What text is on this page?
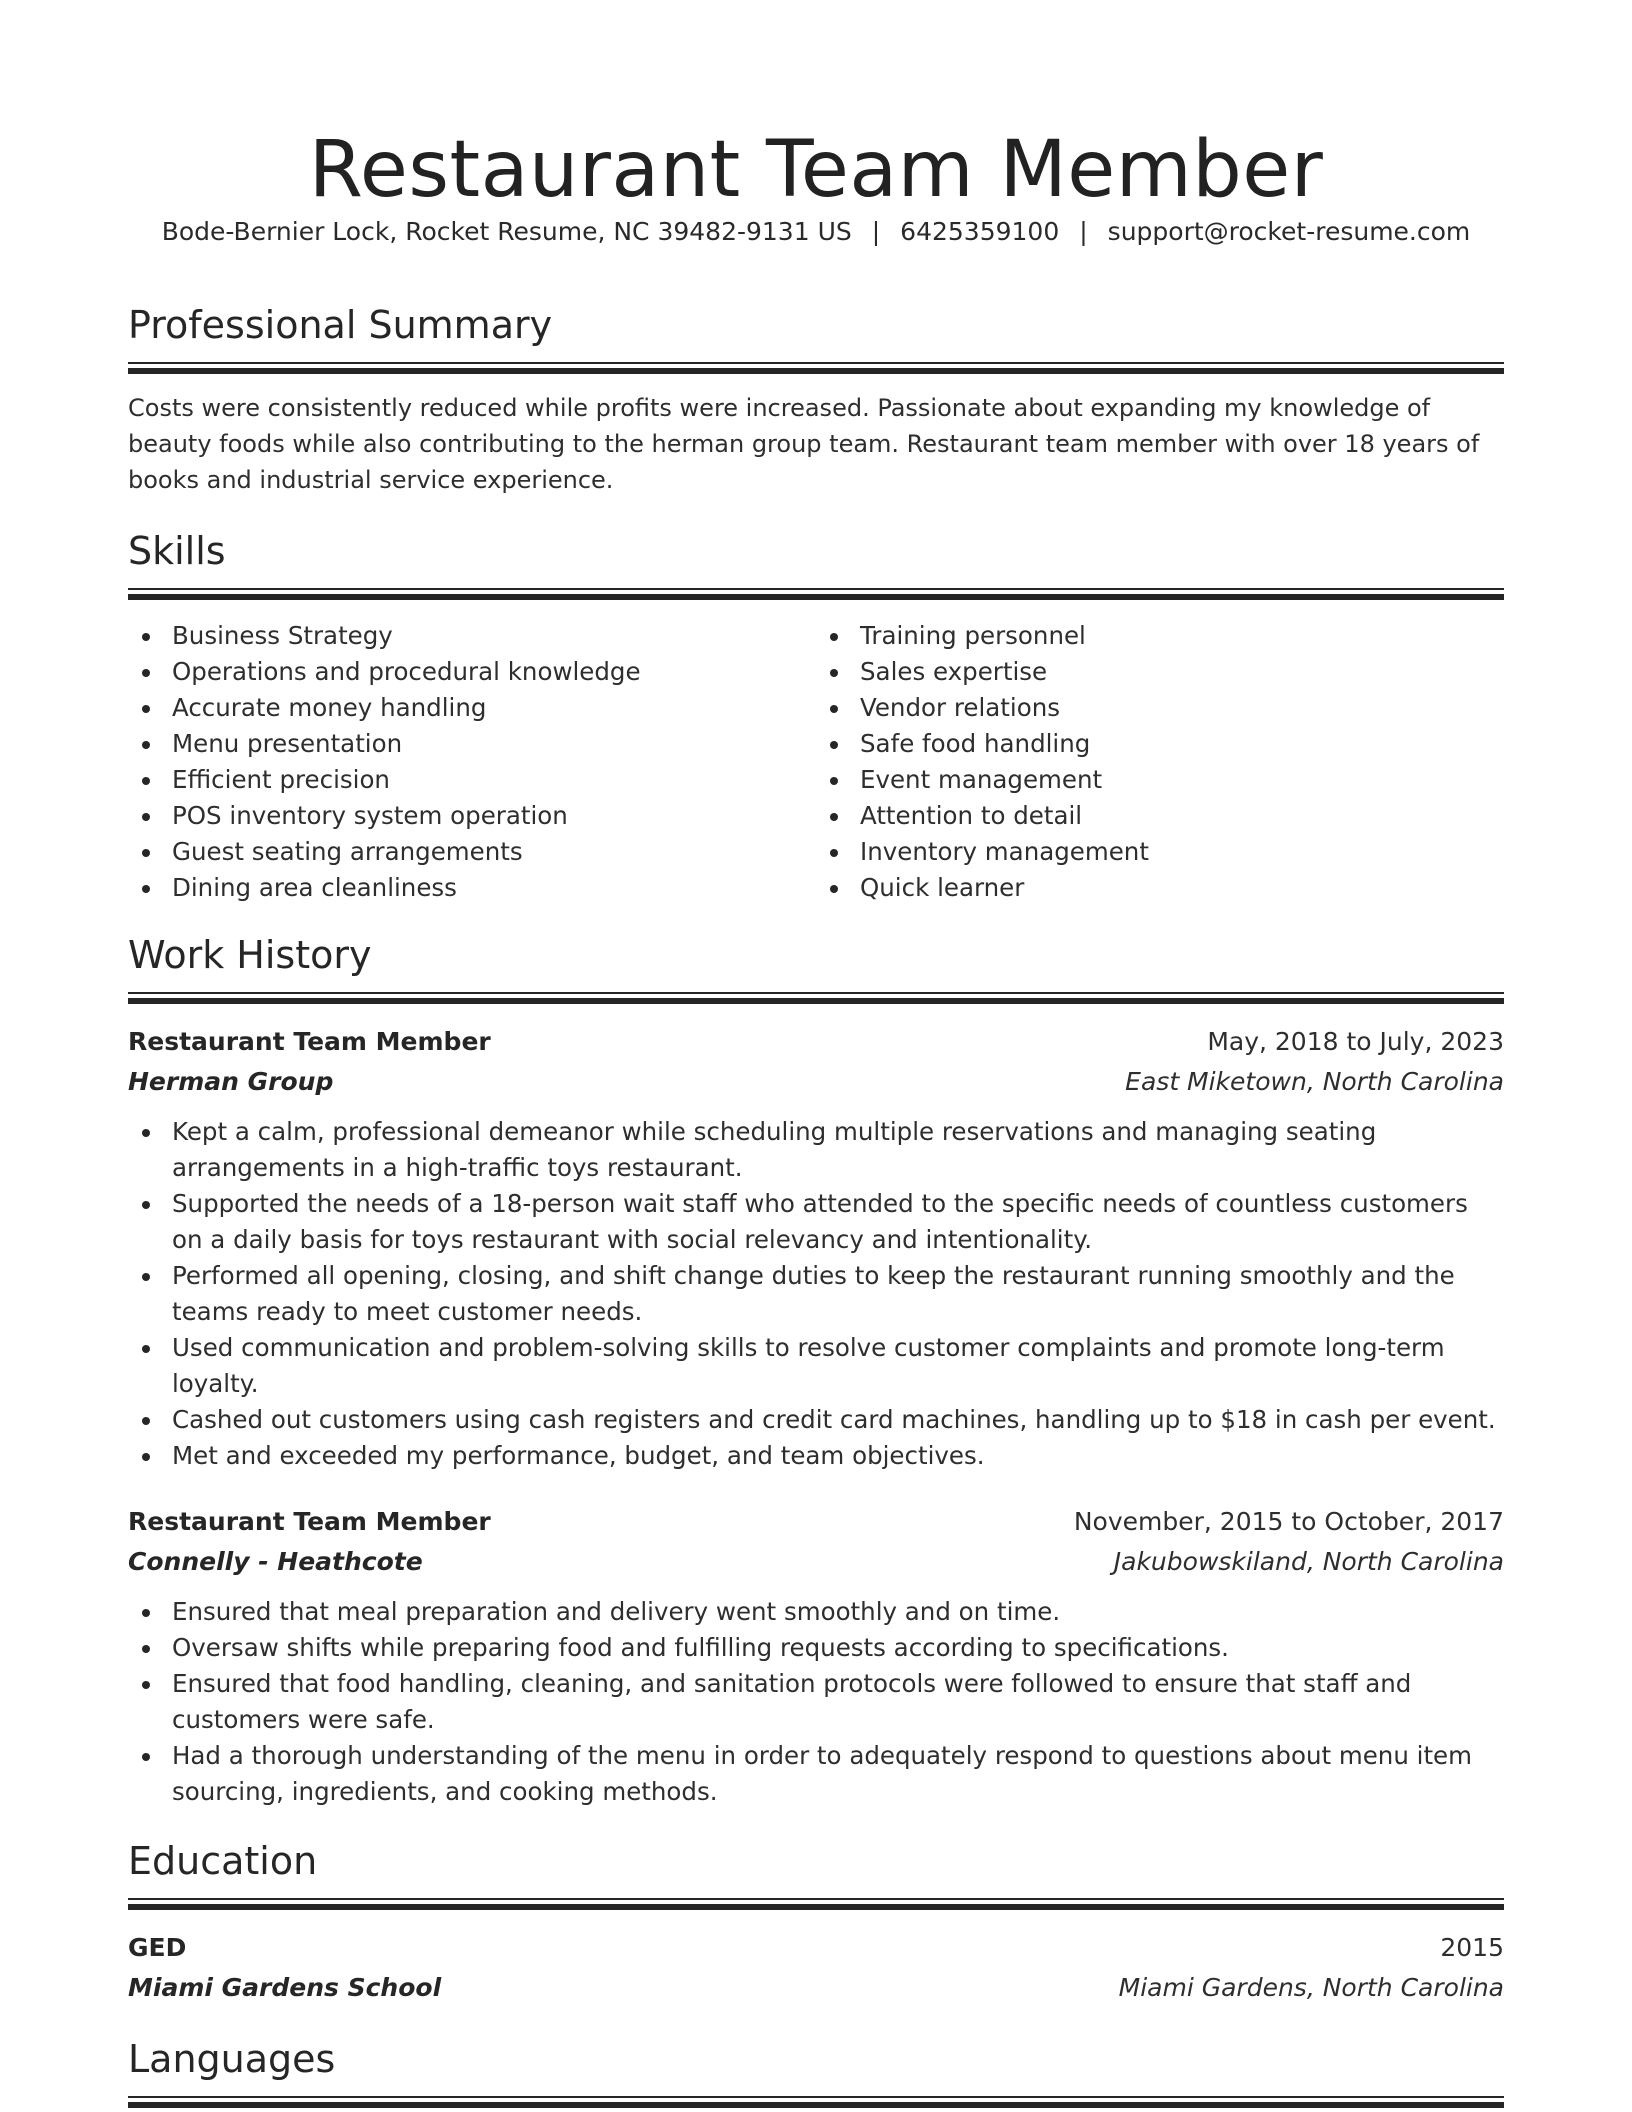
Restaurant Team Member
Bode-Bernier Lock, Rocket Resume, NC 39482-9131 US | 6425359100 | support@rocket-resume.com
Professional Summary

Costs were consistently reduced while profits were increased. Passionate about expanding my knowledge of beauty foods while also contributing to the herman group team. Restaurant team member with over 18 years of books and industrial service experience.

Skills
Business Strategy
Operations and procedural knowledge
Accurate money handling
Menu presentation
Efficient precision
POS inventory system operation
Guest seating arrangements
Dining area cleanliness
Training personnel
Sales expertise
Vendor relations
Safe food handling
Event management
Attention to detail
Inventory management
Quick learner
Work History
Restaurant Team Member	May, 2018 to July, 2023
Herman Group	East Miketown, North Carolina
Kept a calm, professional demeanor while scheduling multiple reservations and managing seating arrangements in a high-traffic toys restaurant.
Supported the needs of a 18-person wait staff who attended to the specific needs of countless customers on a daily basis for toys restaurant with social relevancy and intentionality.
Performed all opening, closing, and shift change duties to keep the restaurant running smoothly and the teams ready to meet customer needs.
Used communication and problem-solving skills to resolve customer complaints and promote long-term loyalty.
Cashed out customers using cash registers and credit card machines, handling up to $18 in cash per event.
Met and exceeded my performance, budget, and team objectives.
Restaurant Team Member	November, 2015 to October, 2017
Connelly - Heathcote	Jakubowskiland, North Carolina
Ensured that meal preparation and delivery went smoothly and on time.
Oversaw shifts while preparing food and fulfilling requests according to specifications.
Ensured that food handling, cleaning, and sanitation protocols were followed to ensure that staff and customers were safe.
Had a thorough understanding of the menu in order to adequately respond to questions about menu item sourcing, ingredients, and cooking methods.
Education
GED	2015
Miami Gardens School	Miami Gardens, North Carolina
Languages
